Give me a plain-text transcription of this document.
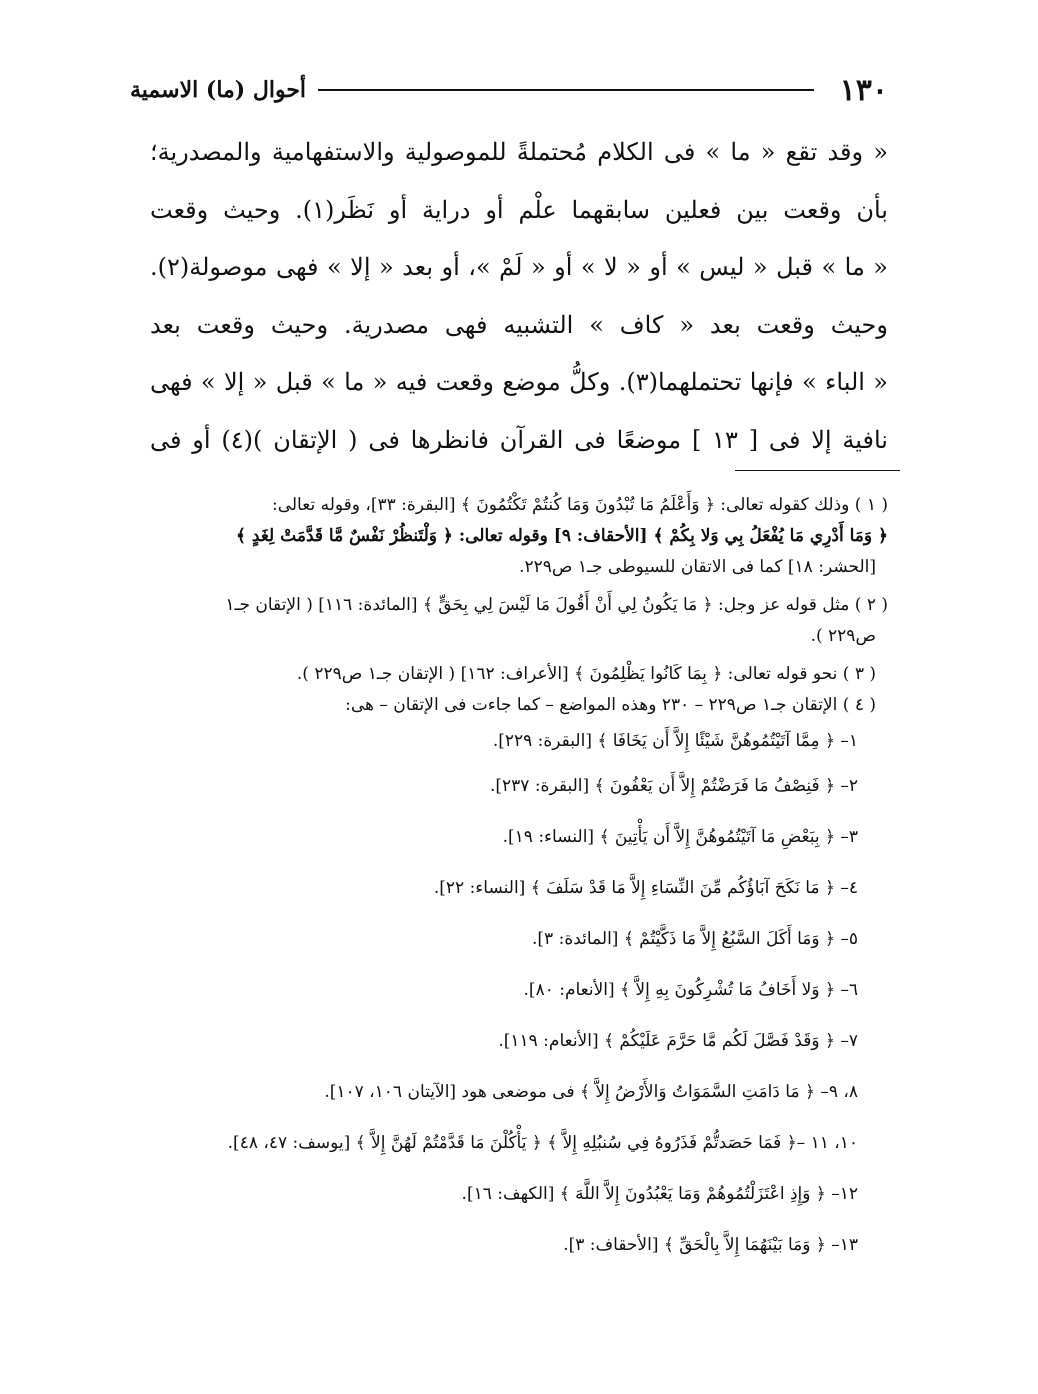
١٣٠
أحوال (ما) الاسمية
« وقد تقع « ما » فى الكلام مُحتملةً للموصولية والاستفهامية والمصدرية؛
بأن وقعت بين فعلين سابقهما علْم أو دراية أو نَظَر(١). وحيث وقعت
« ما » قبل « ليس » أو « لا » أو « لَمْ »، أو بعد « إلا » فهى موصولة(٢).
وحيث وقعت بعد « كاف » التشبيه فهى مصدرية. وحيث وقعت بعد
« الباء » فإنها تحتملهما(٣). وكلُّ موضع وقعت فيه « ما » قبل « إلا » فهى
نافية إلا فى [ ١٣ ] موضعًا فى القرآن فانظرها فى ( الإتقان )(٤) أو فى
( ١ ) وذلك كقوله تعالى: ﴿ وَأَعْلَمُ مَا تُبْدُونَ وَمَا كُنتُمْ تَكْتُمُونَ ﴾ [البقرة: ٣٣]، وقوله تعالى:
﴿ وَمَا أَدْرِي مَا يُفْعَلُ بِي وَلا بِكُمْ ﴾ [الأحقاف: ٩] وقوله تعالى: ﴿ وَلْتَنظُرْ نَفْسٌ مَّا قَدَّمَتْ لِغَدٍ ﴾
[الحشر: ١٨] كما فى الاتقان للسيوطى جـ١ ص٢٢٩.
( ٢ ) مثل قوله عز وجل: ﴿ مَا يَكُونُ لِي أَنْ أَقُولَ مَا لَيْسَ لِي بِحَقٍّ ﴾ [المائدة: ١١٦] ( الإتقان جـ١
ص٢٢٩ ).
( ٣ ) نحو قوله تعالى: ﴿ بِمَا كَانُوا يَظْلِمُونَ ﴾ [الأعراف: ١٦٢] ( الإتقان جـ١ ص٢٢٩ ).
( ٤ ) الإتقان جـ١ ص٢٢٩ – ٢٣٠ وهذه المواضع – كما جاءت فى الإتقان – هى:
١– ﴿ مِمَّا آتَيْتُمُوهُنَّ شَيْئًا إِلاَّ أَن يَخَافَا ﴾ [البقرة: ٢٢٩].
٢– ﴿ فَنِصْفُ مَا فَرَضْتُمْ إِلاَّ أَن يَعْفُونَ ﴾ [البقرة: ٢٣٧].
٣– ﴿ بِبَعْضِ مَا آتَيْتُمُوهُنَّ إِلاَّ أَن يَأْتِينَ ﴾ [النساء: ١٩].
٤– ﴿ مَا نَكَحَ آبَاؤُكُم مِّنَ النِّسَاءِ إِلاَّ مَا قَدْ سَلَفَ ﴾ [النساء: ٢٢].
٥– ﴿ وَمَا أَكَلَ السَّبُعُ إِلاَّ مَا ذَكَّيْتُمْ ﴾ [المائدة: ٣].
٦– ﴿ وَلا أَخَافُ مَا تُشْرِكُونَ بِهِ إِلاَّ ﴾ [الأنعام: ٨٠].
٧– ﴿ وَقَدْ فَصَّلَ لَكُم مَّا حَرَّمَ عَلَيْكُمْ ﴾ [الأنعام: ١١٩].
٨، ٩– ﴿ مَا دَامَتِ السَّمَوَاتُ وَالأَرْضُ إِلاَّ ﴾ فى موضعى هود [الآيتان ١٠٦، ١٠٧].
١٠، ١١ –﴿ فَمَا حَصَدتُّمْ فَذَرُوهُ فِي سُنبُلِهِ إِلاَّ ﴾ ﴿ يَأْكُلْنَ مَا قَدَّمْتُمْ لَهُنَّ إِلاَّ ﴾ [يوسف: ٤٧، ٤٨].
١٢– ﴿ وَإِذِ اعْتَزَلْتُمُوهُمْ وَمَا يَعْبُدُونَ إِلاَّ اللَّهَ ﴾ [الكهف: ١٦].
١٣– ﴿ وَمَا بَيْنَهُمَا إِلاَّ بِالْحَقِّ ﴾ [الأحقاف: ٣].
